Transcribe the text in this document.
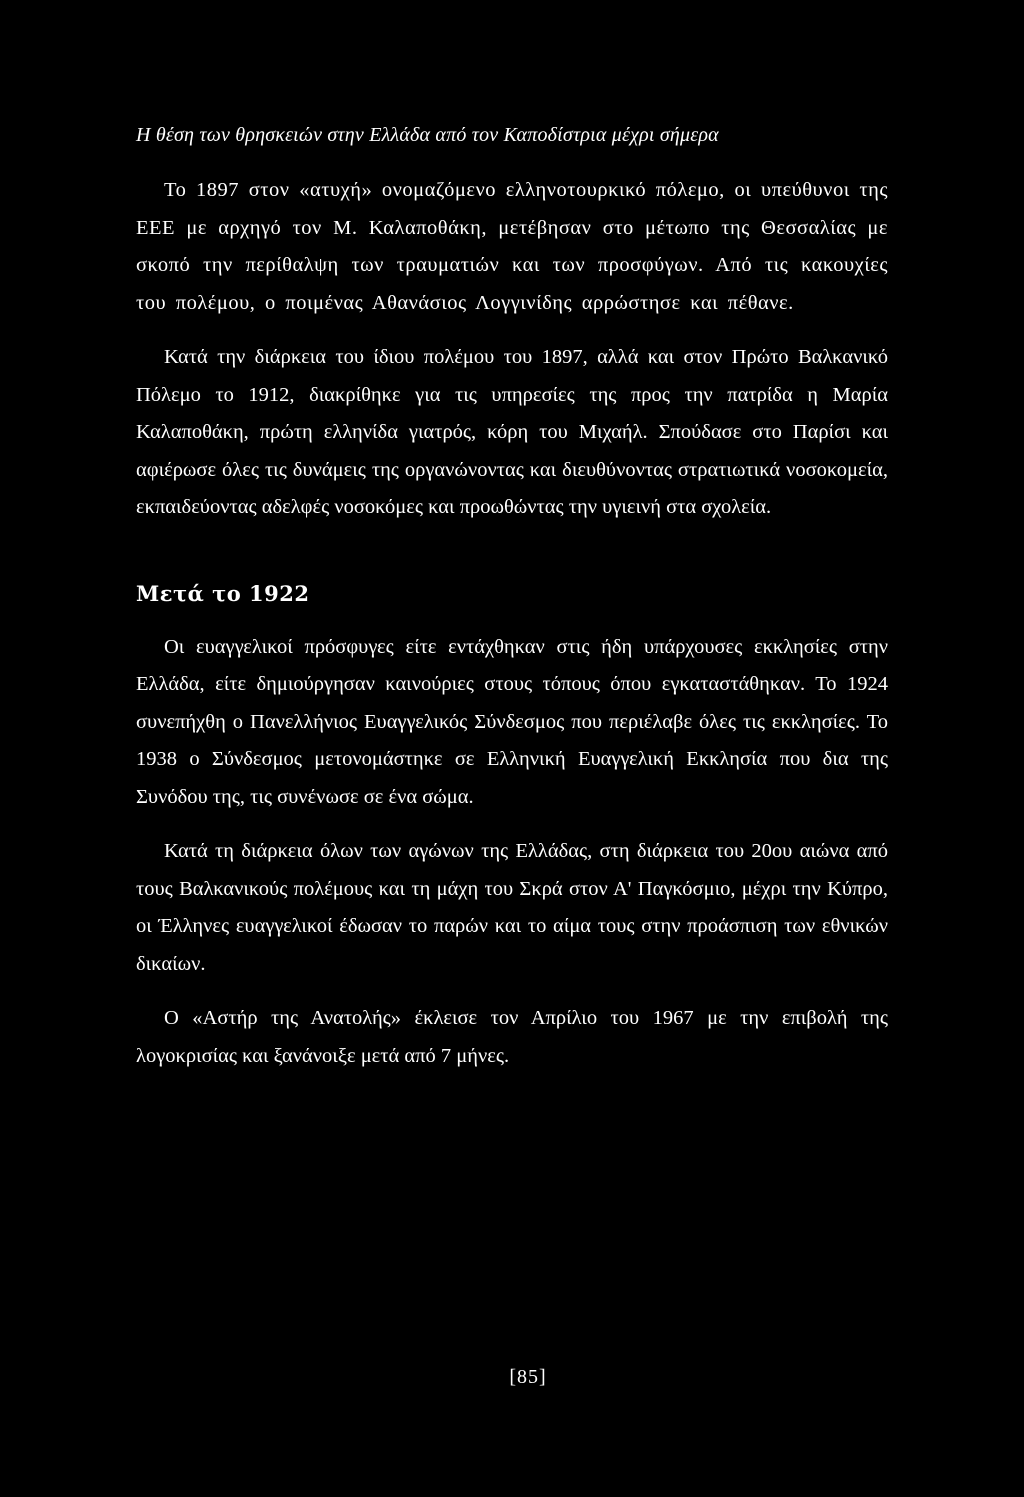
Η θέση των θρησκειών στην Ελλάδα από τον Καποδίστρια μέχρι σήμερα

Το 1897 στον «ατυχή» ονομαζόμενο ελληνοτουρκικό πόλεμο, οι υπεύθυνοι της ΕΕΕ με αρχηγό τον Μ. Καλαποθάκη, μετέβησαν στο μέτωπο της Θεσσαλίας με σκοπό την περίθαλψη των τραυματιών και των προσφύγων. Από τις κακουχίες του πολέμου, ο ποιμένας Αθανάσιος Λογγινίδης αρρώστησε και πέθανε.

Κατά την διάρκεια του ίδιου πολέμου του 1897, αλλά και στον Πρώτο Βαλκανικό Πόλεμο το 1912, διακρίθηκε για τις υπηρεσίες της προς την πατρίδα η Μαρία Καλαποθάκη, πρώτη ελληνίδα γιατρός, κόρη του Μιχαήλ. Σπούδασε στο Παρίσι και αφιέρωσε όλες τις δυνάμεις της οργανώνοντας και διευθύνοντας στρατιωτικά νοσοκομεία, εκπαιδεύοντας αδελφές νοσοκόμες και προωθώντας την υγιεινή στα σχολεία.

Μετά το 1922

Οι ευαγγελικοί πρόσφυγες είτε εντάχθηκαν στις ήδη υπάρχουσες εκκλησίες στην Ελλάδα, είτε δημιούργησαν καινούριες στους τόπους όπου εγκαταστάθηκαν. Το 1924 συνεπήχθη ο Πανελλήνιος Ευαγγελικός Σύνδεσμος που περιέλαβε όλες τις εκκλησίες. Το 1938 ο Σύνδεσμος μετονομάστηκε σε Ελληνική Ευαγγελική Εκκλησία που δια της Συνόδου της, τις συνένωσε σε ένα σώμα.

Κατά τη διάρκεια όλων των αγώνων της Ελλάδας, στη διάρκεια του 20ου αιώνα από τους Βαλκανικούς πολέμους και τη μάχη του Σκρά στον Α' Παγκόσμιο, μέχρι την Κύπρο, οι Έλληνες ευαγγελικοί έδωσαν το παρών και το αίμα τους στην προάσπιση των εθνικών δικαίων.

Ο «Αστήρ της Ανατολής» έκλεισε τον Απρίλιο του 1967 με την επιβολή της λογοκρισίας και ξανάνοιξε μετά από 7 μήνες.

[85]
